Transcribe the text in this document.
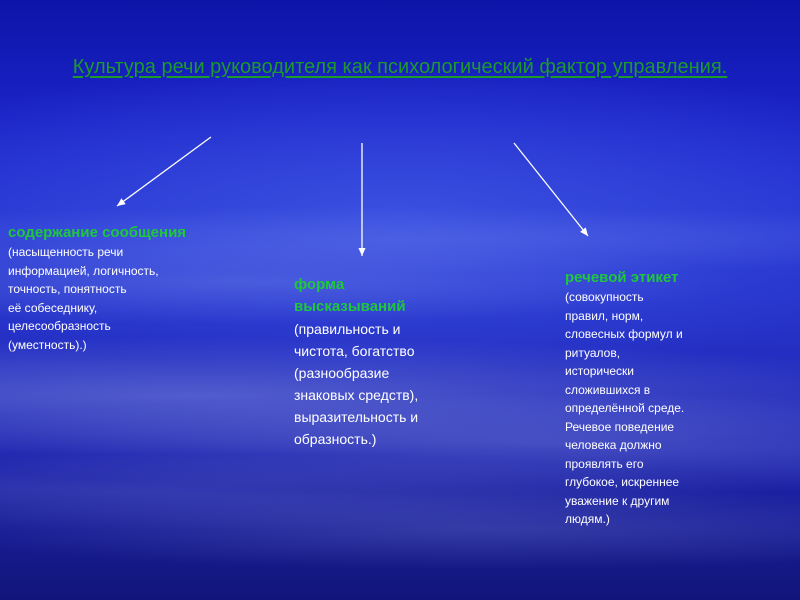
Культура речи руководителя как психологический фактор управления.
содержание сообщения
(насыщенность речи
информацией, логичность,
точность, понятность
её собеседнику,
целесообразность
(уместность).)
форма
высказываний
(правильность и
чистота, богатство
(разнообразие
знаковых средств),
выразительность и
образность.)
речевой этикет
(совокупность
правил, норм,
словесных формул и
ритуалов,
исторически
сложившихся в
определённой среде.
Речевое поведение
человека должно
проявлять его
глубокое, искреннее
уважение к другим
людям.)
